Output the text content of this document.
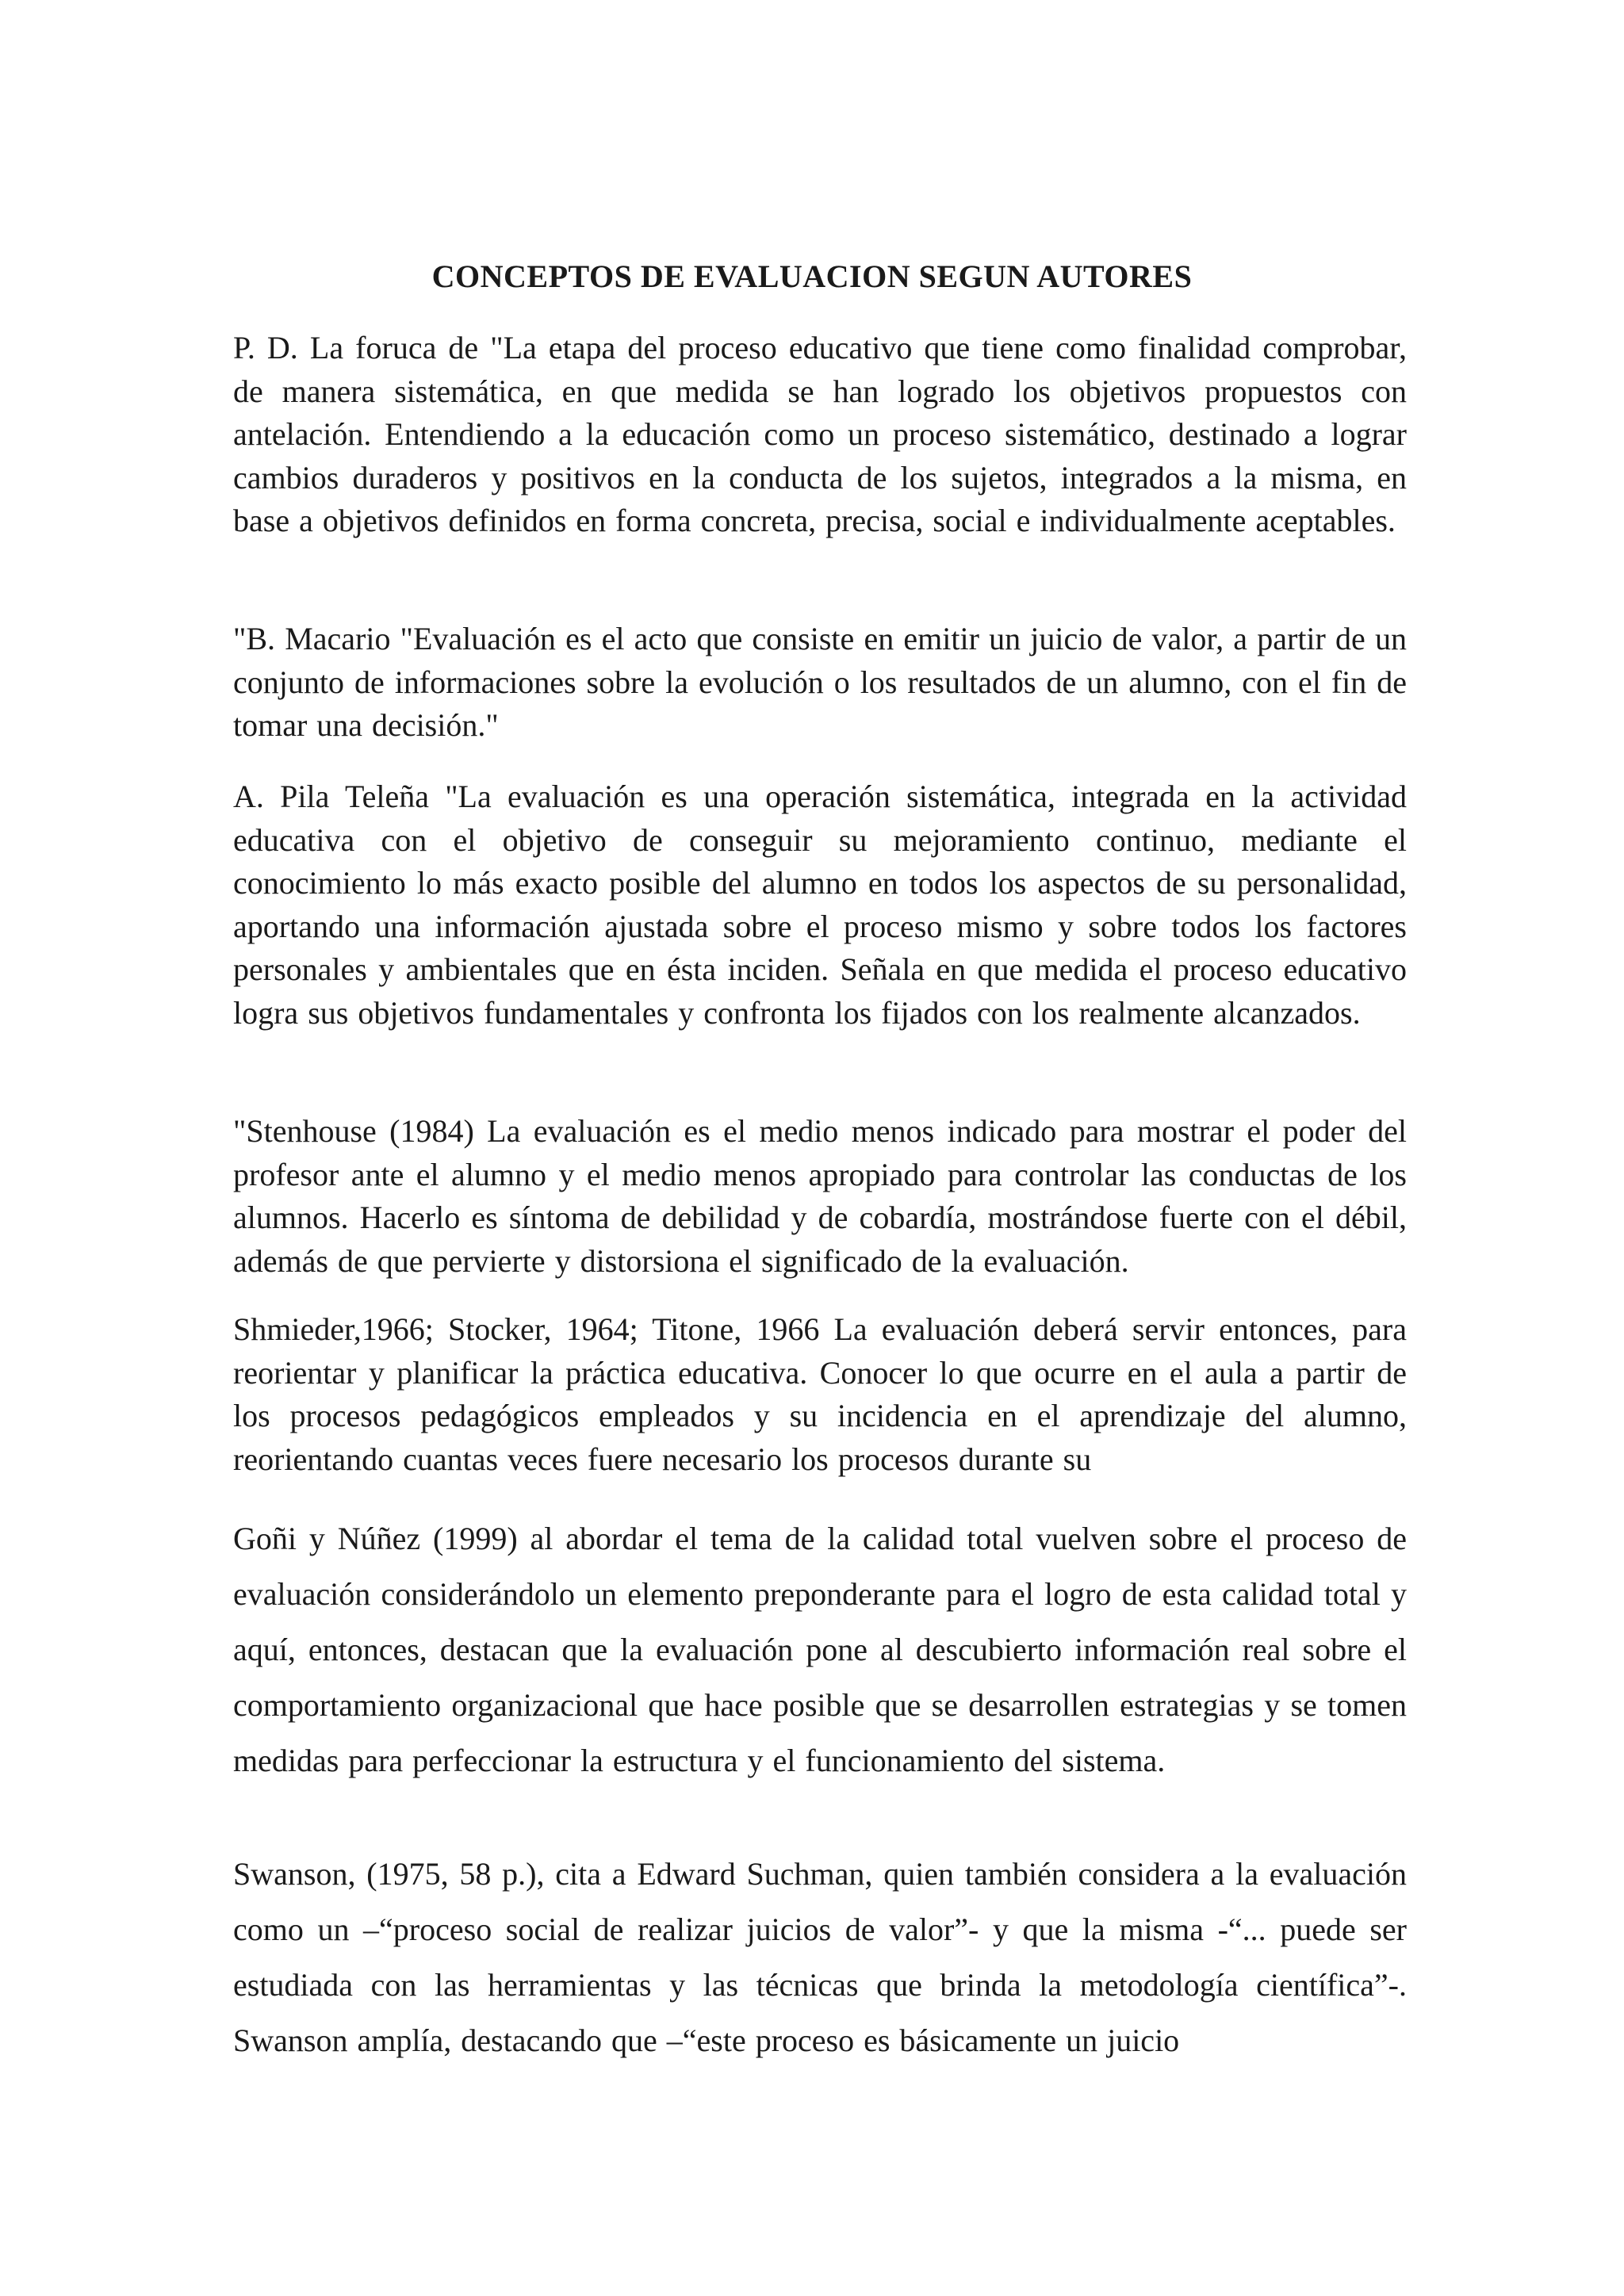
CONCEPTOS DE EVALUACION SEGUN AUTORES

P. D. La foruca de "La etapa del proceso educativo que tiene como finalidad comprobar, de manera sistemática, en que medida se han logrado los objetivos propuestos con antelación. Entendiendo a la educación como un proceso sistemático, destinado a lograr cambios duraderos y positivos en la conducta de los sujetos, integrados a la misma, en base a objetivos definidos en forma concreta, precisa, social e individualmente aceptables.

"B. Macario "Evaluación es el acto que consiste en emitir un juicio de valor, a partir de un conjunto de informaciones sobre la evolución o los resultados de un alumno, con el fin de tomar una decisión."

A. Pila Teleña "La evaluación es una operación sistemática, integrada en la actividad educativa con el objetivo de conseguir su mejoramiento continuo, mediante el conocimiento lo más exacto posible del alumno en todos los aspectos de su personalidad, aportando una información ajustada sobre el proceso mismo y sobre todos los factores personales y ambientales que en ésta inciden. Señala en que medida el proceso educativo logra sus objetivos fundamentales y confronta los fijados con los realmente alcanzados.

"Stenhouse (1984) La evaluación es el medio menos indicado para mostrar el poder del profesor ante el alumno y el medio menos apropiado para controlar las conductas de los alumnos. Hacerlo es síntoma de debilidad y de cobardía, mostrándose fuerte con el débil, además de que pervierte y distorsiona el significado de la evaluación.

Shmieder,1966; Stocker, 1964; Titone, 1966 La evaluación deberá servir entonces, para reorientar y planificar la práctica educativa. Conocer lo que ocurre en el aula a partir de los procesos pedagógicos empleados y su incidencia en el aprendizaje del alumno, reorientando cuantas veces fuere necesario los procesos durante su

Goñi y Núñez (1999) al abordar el tema de la calidad total vuelven sobre el proceso de evaluación considerándolo un elemento preponderante para el logro de esta calidad total y aquí, entonces, destacan que la evaluación pone al descubierto información real sobre el comportamiento organizacional que hace posible que se desarrollen estrategias y se tomen medidas para perfeccionar la estructura y el funcionamiento del sistema.

Swanson, (1975, 58 p.), cita a Edward Suchman, quien también considera a la evaluación como un –“proceso social de realizar juicios de valor”- y que la misma -“... puede ser estudiada con las herramientas y las técnicas que brinda la metodología científica”-. Swanson amplía, destacando que –“este proceso es básicamente un juicio
